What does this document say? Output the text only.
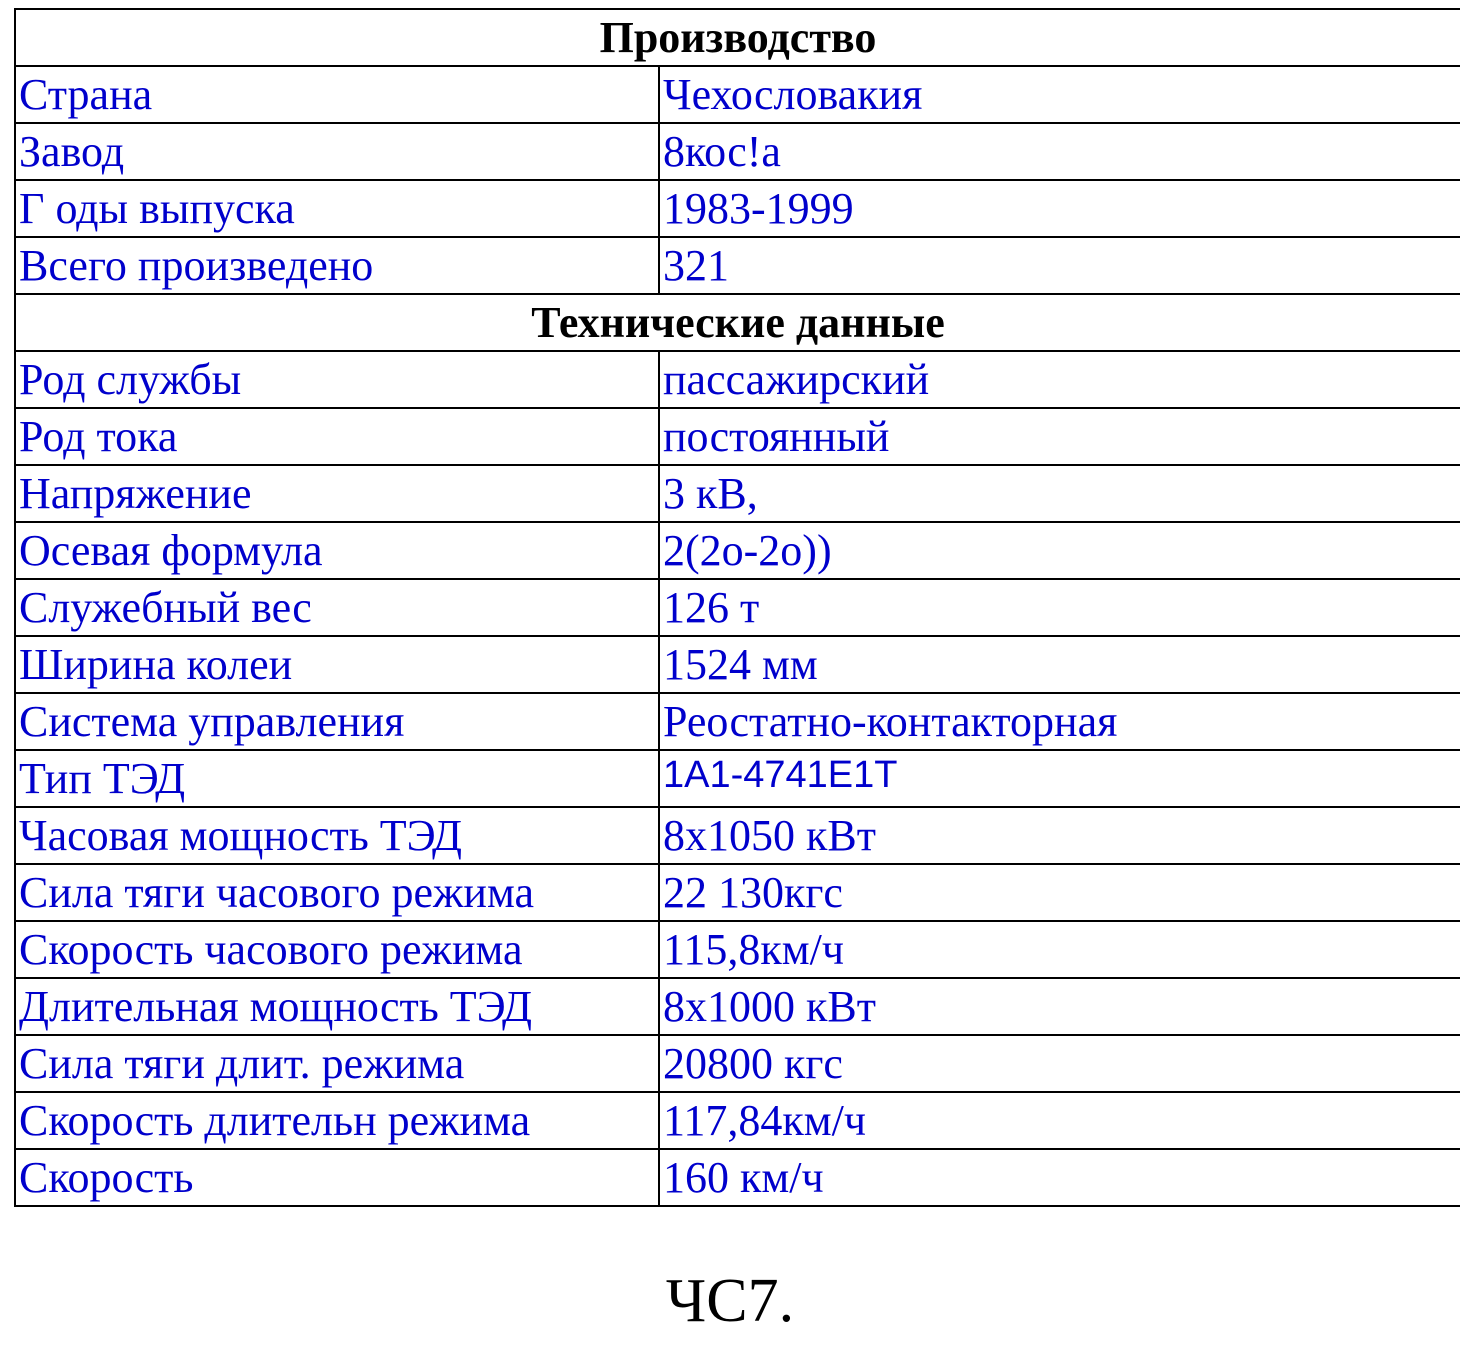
Производство	
Страна	Чехословакия
Завод	8кос!а
Г оды выпуска	1983-1999
Всего произведено	321
Технические данные	
Род службы	пассажирский
Род тока	постоянный
Напряжение	3 кВ,
Осевая формула	2(2о-2о))
Служебный вес	126 т
Ширина колеи	1524 мм
Система управления	Реостатно-контакторная
Тип ТЭД	1А1-4741Е1Т
Часовая мощность ТЭД	8x1050 кВт
Сила тяги часового режима	22 130кгс
Скорость часового режима	115,8км/ч
Длительная мощность ТЭД	8x1000 кВт
Сила тяги длит. режима	20800 кгс
Скорость длительн режима	117,84км/ч
Скорость	160 км/ч
ЧС7.
